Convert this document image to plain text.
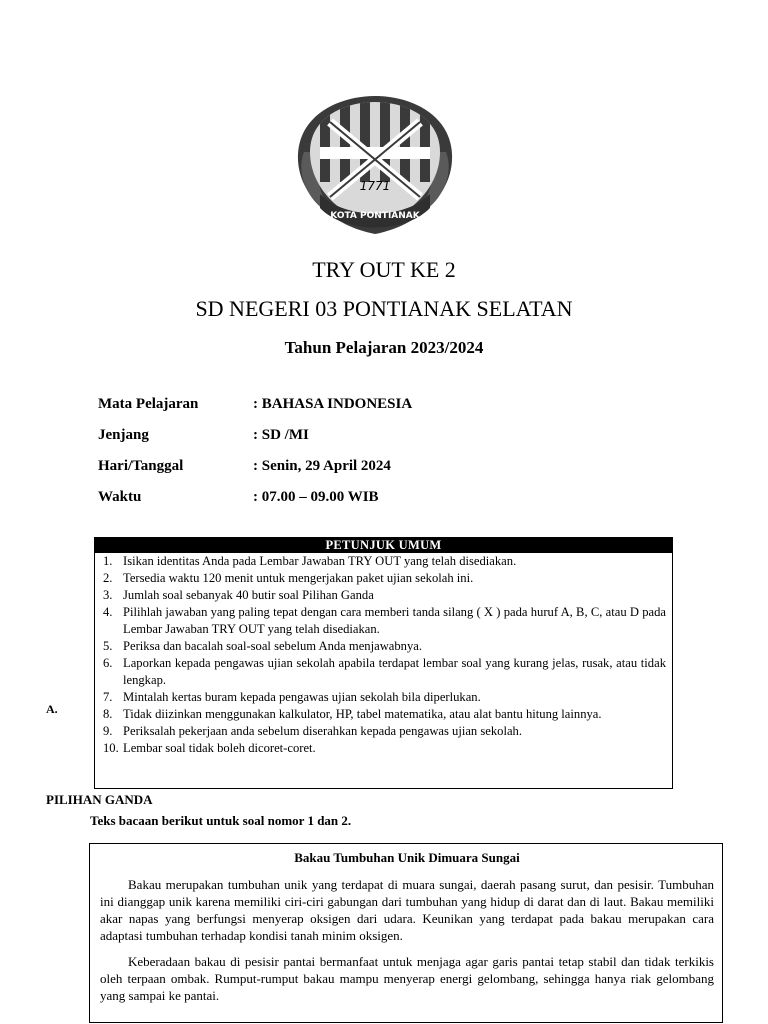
1771
KOTA PONTIANAK
TRY OUT KE 2
SD NEGERI 03 PONTIANAK SELATAN
Tahun Pelajaran 2023/2024
Mata Pelajaran	: BAHASA INDONESIA
Jenjang	: SD /MI
Hari/Tanggal	: Senin, 29 April 2024
Waktu	: 07.00 – 09.00 WIB
PETUNJUK UMUM
1. Isikan identitas Anda pada Lembar Jawaban TRY OUT yang telah disediakan.
2. Tersedia waktu 120 menit untuk mengerjakan paket ujian sekolah ini.
3. Jumlah soal sebanyak 40 butir soal Pilihan Ganda
4. Pilihlah jawaban yang paling tepat dengan cara memberi tanda silang ( X ) pada huruf A, B, C, atau D pada Lembar Jawaban TRY OUT yang telah disediakan.
5. Periksa dan bacalah soal-soal sebelum Anda menjawabnya.
6. Laporkan kepada pengawas ujian sekolah apabila terdapat lembar soal yang kurang jelas, rusak, atau tidak lengkap.
7. Mintalah kertas buram kepada pengawas ujian sekolah bila diperlukan.
8. Tidak diizinkan menggunakan kalkulator, HP, tabel matematika, atau alat bantu hitung lainnya.
9. Periksalah pekerjaan anda sebelum diserahkan kepada pengawas ujian sekolah.
10. Lembar soal tidak boleh dicoret-coret.
A.
PILIHAN GANDA
Teks bacaan berikut untuk soal nomor 1 dan 2.
Bakau Tumbuhan Unik Dimuara Sungai

Bakau merupakan tumbuhan unik yang terdapat di muara sungai, daerah pasang surut, dan pesisir. Tumbuhan ini dianggap unik karena memiliki ciri-ciri gabungan dari tumbuhan yang hidup di darat dan di laut. Bakau memiliki akar napas yang berfungsi menyerap oksigen dari udara. Keunikan yang terdapat pada bakau merupakan cara adaptasi tumbuhan terhadap kondisi tanah minim oksigen.

Keberadaan bakau di pesisir pantai bermanfaat untuk menjaga agar garis pantai tetap stabil dan tidak terkikis oleh terpaan ombak. Rumput-rumput bakau mampu menyerap energi gelombang, sehingga hanya riak gelombang yang sampai ke pantai.
